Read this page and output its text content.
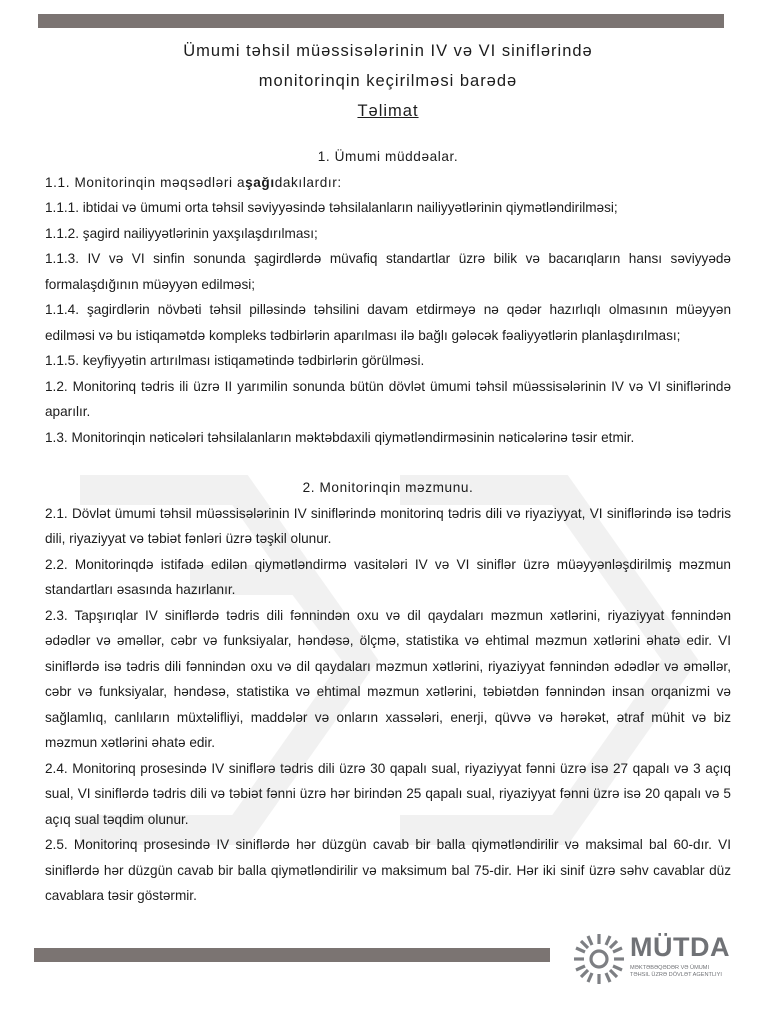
Ümumi təhsil müəssisələrinin IV və VI siniflərində
monitorinqin keçirilməsi barədə
Təlimat
1. Ümumi müddəalar.
1.1. Monitorinqin məqsədləri aşağıdakılardır:
1.1.1. ibtidai və ümumi orta təhsil səviyyəsində təhsilalanların nailiyyətlərinin qiymətləndirilməsi;
1.1.2. şagird nailiyyətlərinin yaxşılaşdırılması;
1.1.3. IV və VI sinfin sonunda şagirdlərdə müvafiq standartlar üzrə bilik və bacarıqların hansı səviyyədə formalaşdığının müəyyən edilməsi;
1.1.4. şagirdlərin növbəti təhsil pilləsində təhsilini davam etdirməyə nə qədər hazırlıqlı olmasının müəyyən edilməsi və bu istiqamətdə kompleks tədbirlərin aparılması ilə bağlı gələcək fəaliyyətlərin planlaşdırılması;
1.1.5. keyfiyyətin artırılması istiqamətində tədbirlərin görülməsi.
1.2. Monitorinq tədris ili üzrə II yarımilin sonunda bütün dövlət ümumi təhsil müəssisələrinin IV və VI siniflərində aparılır.
1.3. Monitorinqin nəticələri təhsilalanların məktəbdaxili qiymətləndirməsinin nəticələrinə təsir etmir.
2. Monitorinqin məzmunu.
2.1. Dövlət ümumi təhsil müəssisələrinin IV siniflərində monitorinq tədris dili və riyaziyyat, VI siniflərində isə tədris dili, riyaziyyat və təbiət fənləri üzrə təşkil olunur.
2.2. Monitorinqdə istifadə edilən qiymətləndirmə vasitələri IV və VI siniflər üzrə müəyyənləşdirilmiş məzmun standartları əsasında hazırlanır.
2.3. Tapşırıqlar IV siniflərdə tədris dili fənnindən oxu və dil qaydaları məzmun xətlərini, riyaziyyat fənnindən ədədlər və əməllər, cəbr və funksiyalar, həndəsə, ölçmə, statistika və ehtimal məzmun xətlərini əhatə edir. VI siniflərdə isə tədris dili fənnindən oxu və dil qaydaları məzmun xətlərini, riyaziyyat fənnindən ədədlər və əməllər, cəbr və funksiyalar, həndəsə, statistika və ehtimal məzmun xətlərini, təbiətdən fənnindən insan orqanizmi və sağlamlıq, canlıların müxtəlifliyi, maddələr və onların xassələri, enerji, qüvvə və hərəkət, ətraf mühit və biz məzmun xətlərini əhatə edir.
2.4. Monitorinq prosesində IV siniflərə tədris dili üzrə 30 qapalı sual, riyaziyyat fənni üzrə isə 27 qapalı və 3 açıq sual, VI siniflərdə tədris dili və təbiət fənni üzrə hər birindən 25 qapalı sual, riyaziyyat fənni üzrə isə 20 qapalı və 5 açıq sual təqdim olunur.
2.5. Monitorinq prosesində IV siniflərdə hər düzgün cavab bir balla qiymətləndirilir və maksimal bal 60-dır. VI siniflərdə hər düzgün cavab bir balla qiymətləndirilir və maksimum bal 75-dir. Hər iki sinif üzrə səhv cavablar düz cavablara təsir göstərmir.
MÜTDA
MƏKTƏBƏQƏDƏR VƏ ÜMUMI TƏHSIL ÜZRƏ DÖVLƏT AGENTLIYI
